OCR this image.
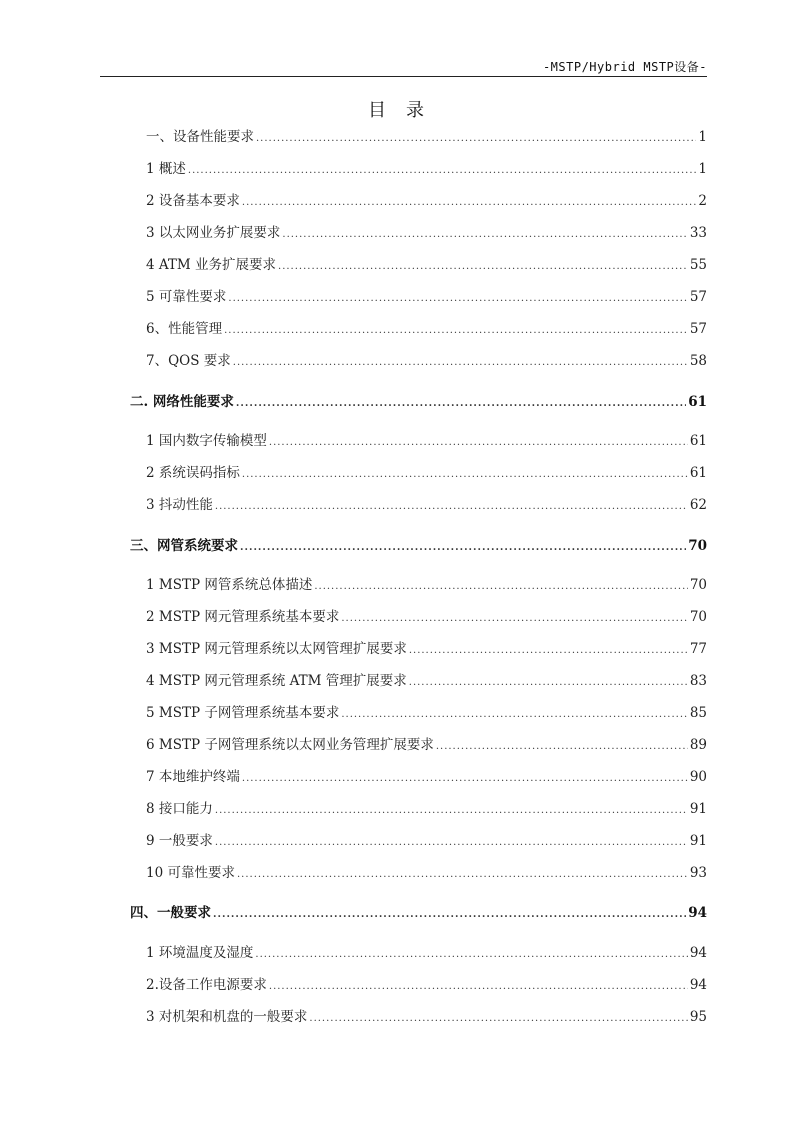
-MSTP/Hybrid MSTP设备-
目 录
一、设备性能要求 .....	1
1 概述 .....	1
2 设备基本要求 .....	2
3 以太网业务扩展要求 .....	33
4 ATM 业务扩展要求 .....	55
5 可靠性要求 .....	57
6、性能管理 .....	57
7、QOS 要求 .....	58
二. 网络性能要求 .....	61
1 国内数字传输模型 .....	61
2 系统误码指标 .....	61
3 抖动性能 .....	62
三、网管系统要求 .....	70
1 MSTP 网管系统总体描述 .....	70
2 MSTP 网元管理系统基本要求 .....	70
3 MSTP 网元管理系统以太网管理扩展要求 .....	77
4 MSTP 网元管理系统 ATM 管理扩展要求 .....	83
5 MSTP 子网管理系统基本要求 .....	85
6 MSTP 子网管理系统以太网业务管理扩展要求 .....	89
7 本地维护终端 .....	90
8 接口能力 .....	91
9 一般要求 .....	91
10 可靠性要求 .....	93
四、一般要求 .....	94
1 环境温度及湿度 .....	94
2.设备工作电源要求 .....	94
3 对机架和机盘的一般要求 .....	95
